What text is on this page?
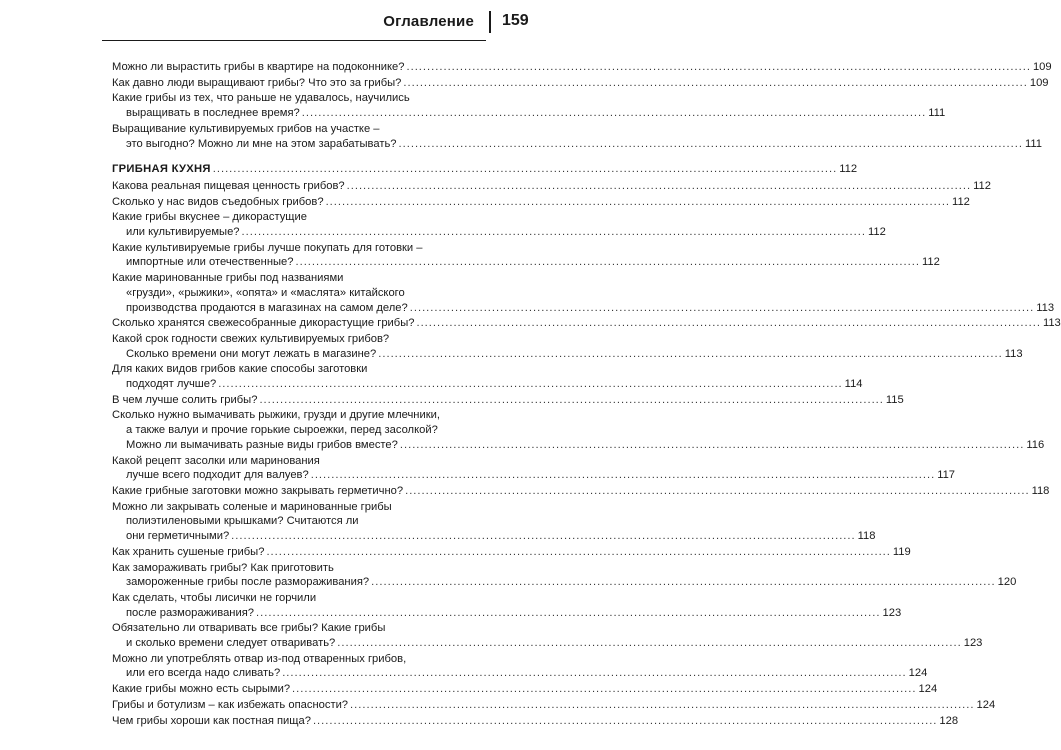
Оглавление 159
Можно ли вырастить грибы в квартире на подоконнике? .....	109
Как давно люди выращивают грибы? Что это за грибы? .....	109
Какие грибы из тех, что раньше не удавалось, научились
выращивать в последнее время? .....	111
Выращивание культивируемых грибов на участке –
это выгодно? Можно ли мне на этом зарабатывать? .....	111
ГРИБНАЯ КУХНЯ .....	112
Какова реальная пищевая ценность грибов? .....	112
Сколько у нас видов съедобных грибов? .....	112
Какие грибы вкуснее – дикорастущие
или культивируемые? .....	112
Какие культивируемые грибы лучше покупать для готовки –
импортные или отечественные? .....	112
Какие маринованные грибы под названиями
«грузди», «рыжики», «опята» и «маслята» китайского
производства продаются в магазинах на самом деле? .....	113
Сколько хранятся свежесобранные дикорастущие грибы? .....	113
Какой срок годности свежих культивируемых грибов?
Сколько времени они могут лежать в магазине? .....	113
Для каких видов грибов какие способы заготовки
подходят лучше? .....	114
В чем лучше солить грибы? .....	115
Сколько нужно вымачивать рыжики, грузди и другие млечники,
а также валуи и прочие горькие сыроежки, перед засолкой?
Можно ли вымачивать разные виды грибов вместе? .....	116
Какой рецепт засолки или маринования
лучше всего подходит для валуев? .....	117
Какие грибные заготовки можно закрывать герметично? .....	118
Можно ли закрывать соленые и маринованные грибы
полиэтиленовыми крышками? Считаются ли
они герметичными? .....	118
Как хранить сушеные грибы? .....	119
Как замораживать грибы? Как приготовить
замороженные грибы после размораживания? .....	120
Как сделать, чтобы лисички не горчили
после размораживания? .....	123
Обязательно ли отваривать все грибы? Какие грибы
и сколько времени следует отваривать? .....	123
Можно ли употреблять отвар из-под отваренных грибов,
или его всегда надо сливать? .....	124
Какие грибы можно есть сырыми? .....	124
Грибы и ботулизм – как избежать опасности? .....	124
Чем грибы хороши как постная пища? .....	128
